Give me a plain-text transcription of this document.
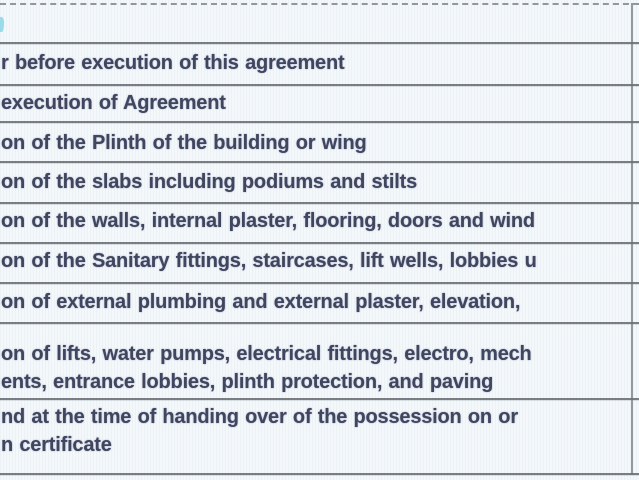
r before execution of this agreement
execution of Agreement
on of the Plinth of the building or wing
on of the slabs including podiums and stilts
on of the walls, internal plaster, flooring, doors and wind
on of the Sanitary fittings, staircases, lift wells, lobbies u
on of external plumbing and external plaster, elevation,
on of lifts, water pumps, electrical fittings, electro, mech
ents, entrance lobbies, plinth protection, and paving
nd at the time of handing over of the possession on or
n certificate
